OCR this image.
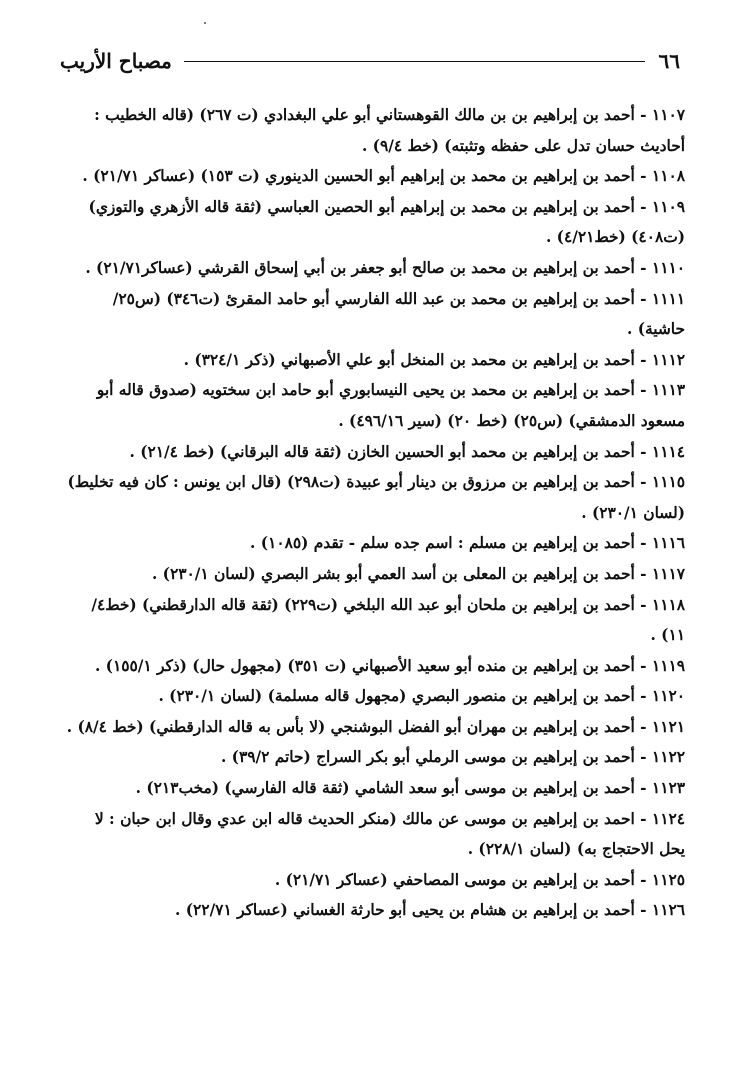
٦٦
مصباح الأريب
١١٠٧ - أحمد بن إبراهيم بن بن مالك القوهستاني أبو علي البغدادي (ت ٢٦٧) (قاله الخطيب : أحاديث حسان تدل على حفظه وتثبته) (خط ٩/٤) .
١١٠٨ - أحمد بن إبراهيم بن محمد بن إبراهيم أبو الحسين الدينوري (ت ١٥٣) (عساكر ٢١/٧١) .
١١٠٩ - أحمد بن إبراهيم بن محمد بن إبراهيم أبو الحصين العباسي (ثقة قاله الأزهري والتوزي) (ت٤٠٨) (خط٤/٢١) .
١١١٠ - أحمد بن إبراهيم بن محمد بن صالح أبو جعفر بن أبي إسحاق القرشي (عساكر٢١/٧١) .
١١١١ - أحمد بن إبراهيم بن محمد بن عبد الله الفارسي أبو حامد المقرئ (ت٣٤٦) (س٢٥/ حاشية) .
١١١٢ - أحمد بن إبراهيم بن محمد بن المنخل أبو علي الأصبهاني (ذكر ٣٢٤/١) .
١١١٣ - أحمد بن إبراهيم بن محمد بن يحيى النيسابوري أبو حامد ابن سختويه (صدوق قاله أبو مسعود الدمشقي) (س٢٥) (خط ٢٠) (سير ٤٩٦/١٦) .
١١١٤ - أحمد بن إبراهيم بن محمد أبو الحسين الخازن (ثقة قاله البرقاني) (خط ٢١/٤) .
١١١٥ - أحمد بن إبراهيم بن مرزوق بن دينار أبو عبيدة (ت٢٩٨) (قال ابن يونس : كان فيه تخليط) (لسان ٢٣٠/١) .
١١١٦ - أحمد بن إبراهيم بن مسلم : اسم جده سلم - تقدم (١٠٨٥) .
١١١٧ - أحمد بن إبراهيم بن المعلى بن أسد العمي أبو بشر البصري (لسان ٢٣٠/١) .
١١١٨ - أحمد بن إبراهيم بن ملحان أبو عبد الله البلخي (ت٢٢٩) (ثقة قاله الدارقطني) (خط٤/ ١١) .
١١١٩ - أحمد بن إبراهيم بن منده أبو سعيد الأصبهاني (ت ٣٥١) (مجهول حال) (ذكر ١٥٥/١) .
١١٢٠ - أحمد بن إبراهيم بن منصور البصري (مجهول قاله مسلمة) (لسان ٢٣٠/١) .
١١٢١ - أحمد بن إبراهيم بن مهران أبو الفضل البوشنجي (لا بأس به قاله الدارقطني) (خط ٨/٤) .
١١٢٢ - أحمد بن إبراهيم بن موسى الرملي أبو بكر السراج (حاتم ٣٩/٢) .
١١٢٣ - أحمد بن إبراهيم بن موسى أبو سعد الشامي (ثقة قاله الفارسي) (مخب٢١٣) .
١١٢٤ - احمد بن إبراهيم بن موسى عن مالك (منكر الحديث قاله ابن عدي وقال ابن حبان : لا يحل الاحتجاج به) (لسان ٢٢٨/١) .
١١٢٥ - أحمد بن إبراهيم بن موسى المصاحفي (عساكر ٢١/٧١) .
١١٢٦ - أحمد بن إبراهيم بن هشام بن يحيى أبو حارثة الغساني (عساكر ٢٢/٧١) .
